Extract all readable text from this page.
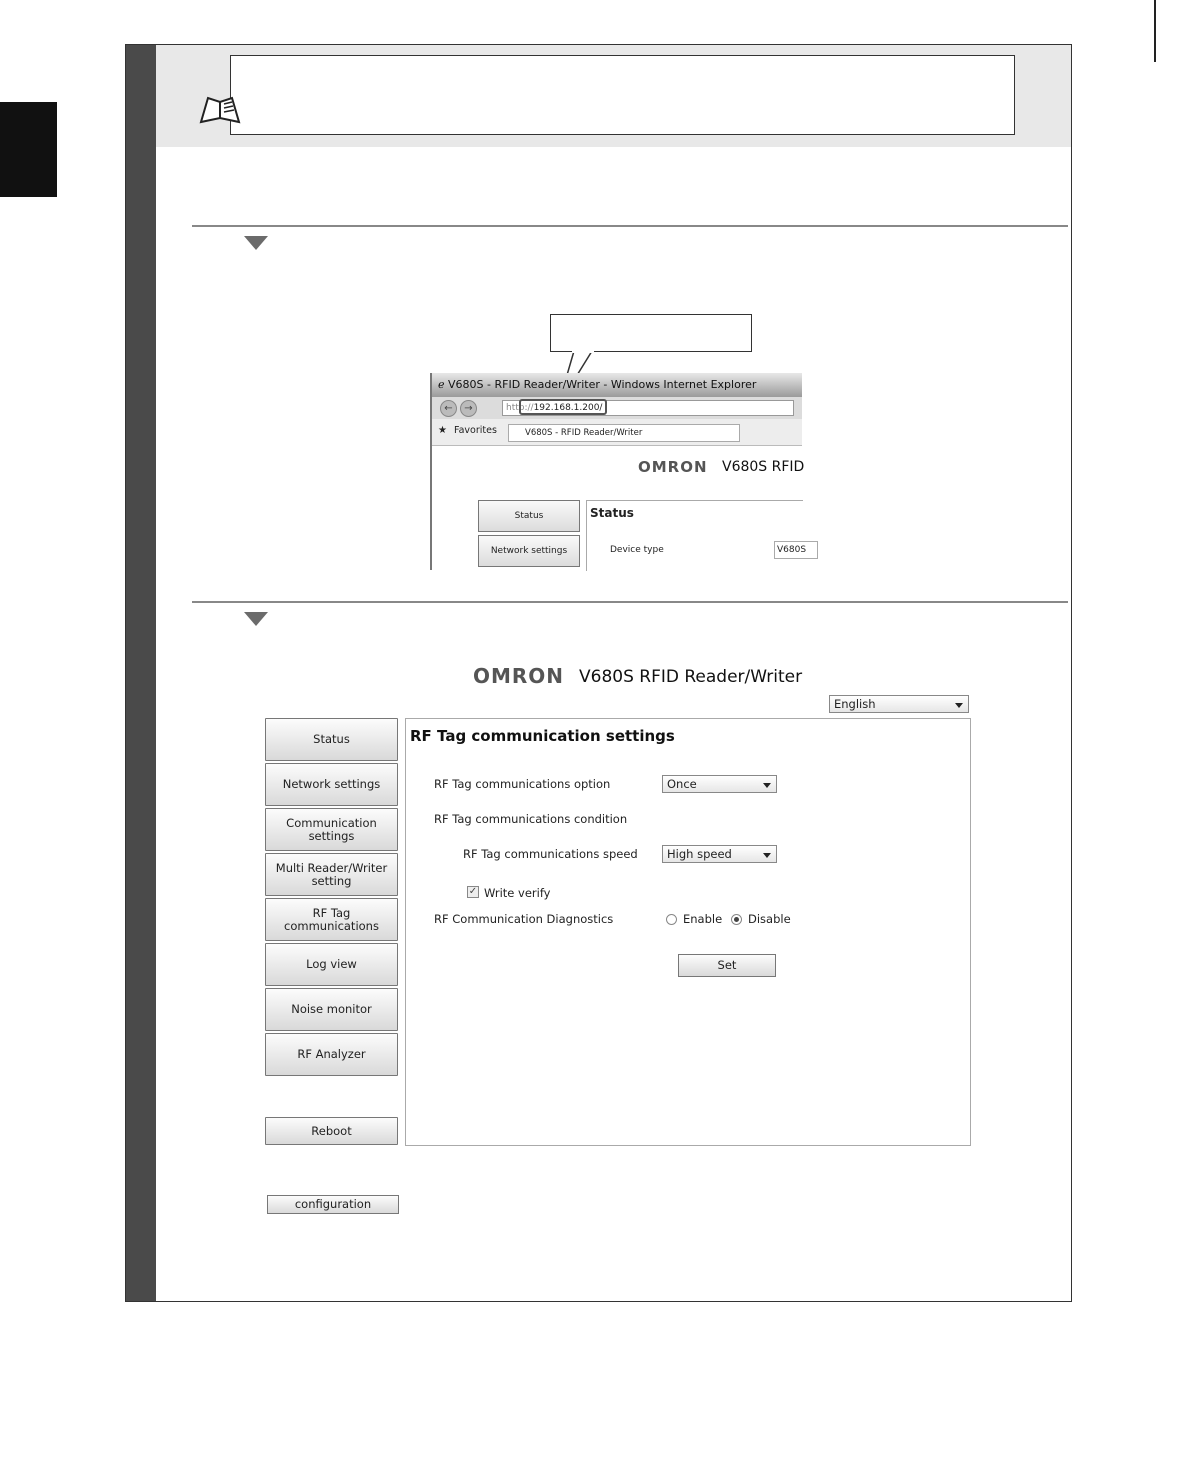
ℯ V680S - RFID Reader/Writer - Windows Internet Explorer
←	→	http://192.168.1.200/
★ Favorites	V680S - RFID Reader/Writer
OMRON V680S RFID
Status
Network settings
Status
Device type	V680S
OMRON V680S RFID Reader/Writer
English
Status
Network settings
Communication
settings
Multi Reader/Writer
setting
RF Tag
communications
Log view
Noise monitor
RF Analyzer
Reboot
configuration
RF Tag communication settings
RF Tag communications option	Once
RF Tag communications condition
RF Tag communications speed	High speed
✓ Write verify
RF Communication Diagnostics	Enable Disable
Set
